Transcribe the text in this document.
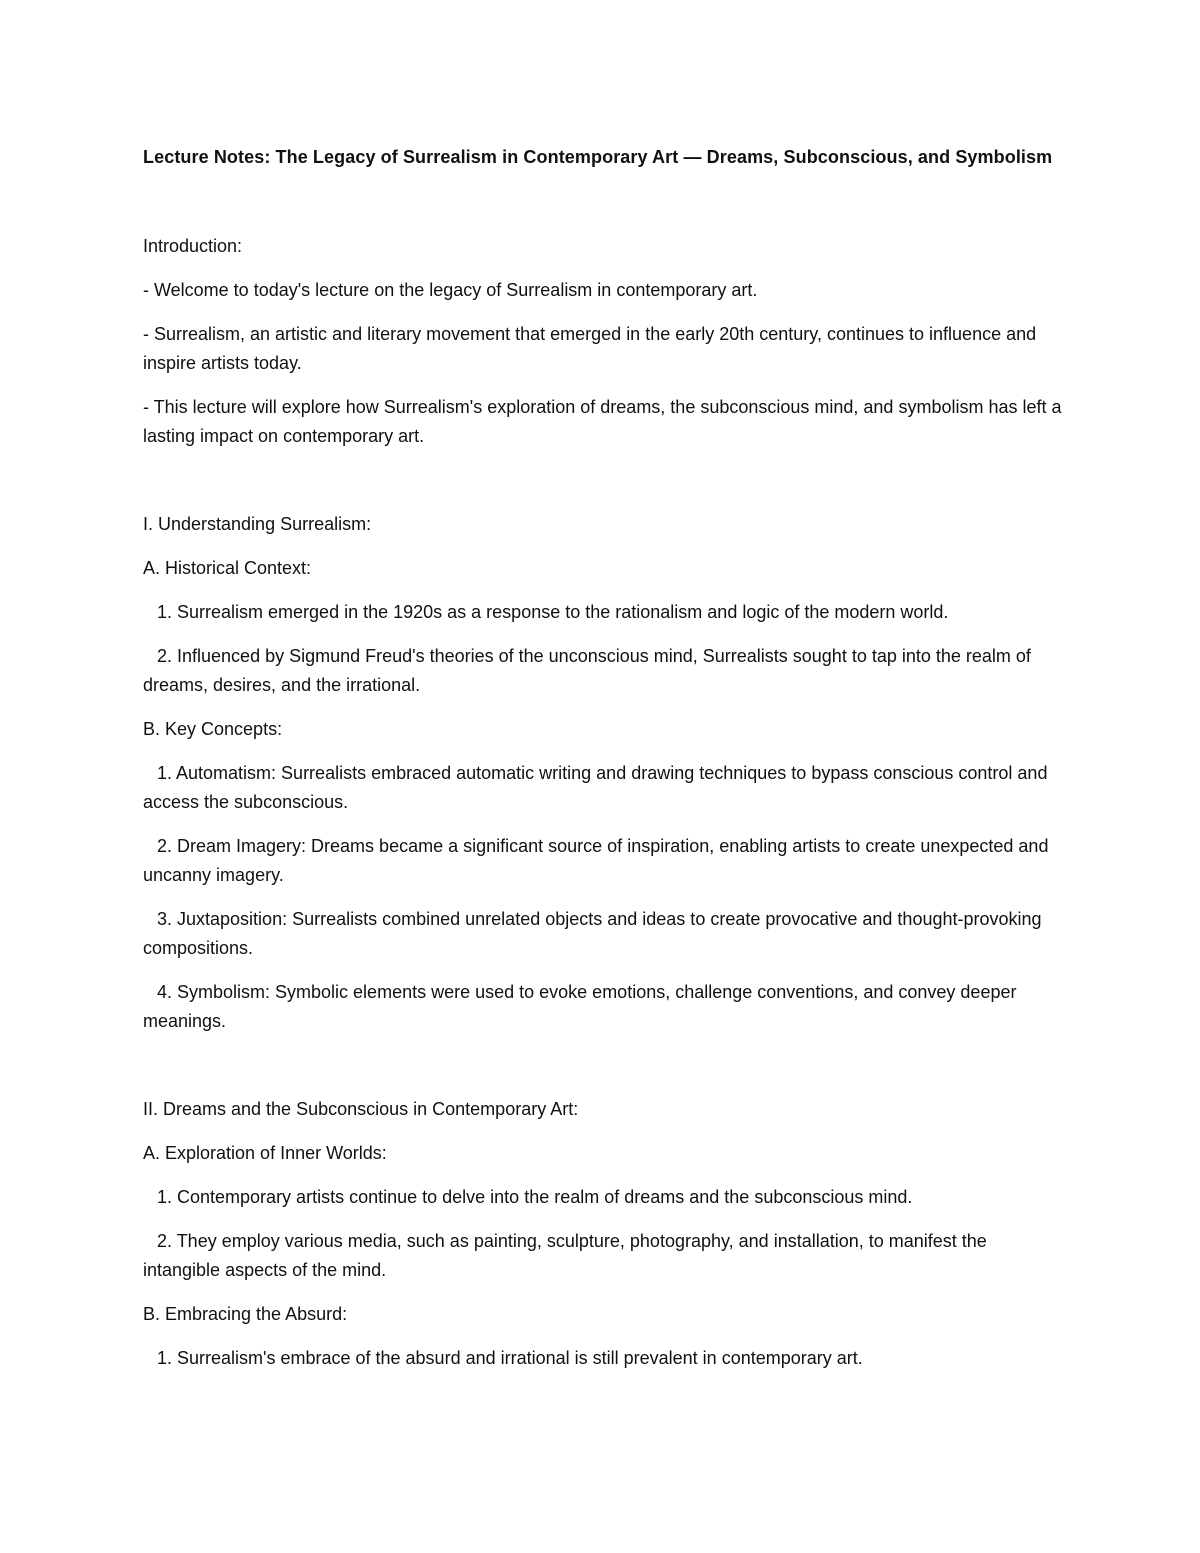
Lecture Notes: The Legacy of Surrealism in Contemporary Art — Dreams, Subconscious, and Symbolism

Introduction:

- Welcome to today's lecture on the legacy of Surrealism in contemporary art.

- Surrealism, an artistic and literary movement that emerged in the early 20th century, continues to influence and inspire artists today.

- This lecture will explore how Surrealism's exploration of dreams, the subconscious mind, and symbolism has left a lasting impact on contemporary art.

I. Understanding Surrealism:

A. Historical Context:

1. Surrealism emerged in the 1920s as a response to the rationalism and logic of the modern world.

2. Influenced by Sigmund Freud's theories of the unconscious mind, Surrealists sought to tap into the realm of dreams, desires, and the irrational.

B. Key Concepts:

1. Automatism: Surrealists embraced automatic writing and drawing techniques to bypass conscious control and access the subconscious.

2. Dream Imagery: Dreams became a significant source of inspiration, enabling artists to create unexpected and uncanny imagery.

3. Juxtaposition: Surrealists combined unrelated objects and ideas to create provocative and thought-provoking compositions.

4. Symbolism: Symbolic elements were used to evoke emotions, challenge conventions, and convey deeper meanings.

II. Dreams and the Subconscious in Contemporary Art:

A. Exploration of Inner Worlds:

1. Contemporary artists continue to delve into the realm of dreams and the subconscious mind.

2. They employ various media, such as painting, sculpture, photography, and installation, to manifest the intangible aspects of the mind.

B. Embracing the Absurd:

1. Surrealism's embrace of the absurd and irrational is still prevalent in contemporary art.
